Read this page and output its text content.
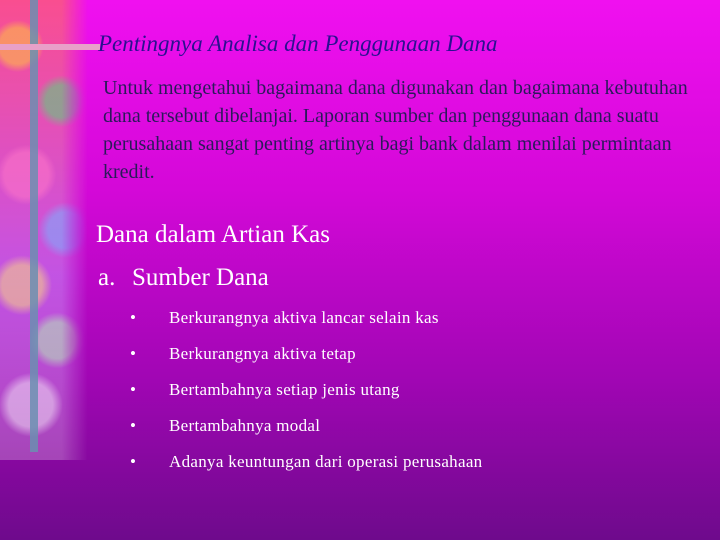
Pentingnya Analisa dan Penggunaan Dana

Untuk mengetahui bagaimana dana digunakan dan bagaimana kebutuhan dana tersebut dibelanjai. Laporan sumber dan penggunaan dana suatu perusahaan sangat penting artinya bagi bank dalam menilai permintaan kredit.

Dana dalam Artian Kas
a. Sumber Dana
•	Berkurangnya aktiva lancar selain kas
•	Berkurangnya aktiva tetap
•	Bertambahnya setiap jenis utang
•	Bertambahnya modal
•	Adanya keuntungan dari operasi perusahaan
